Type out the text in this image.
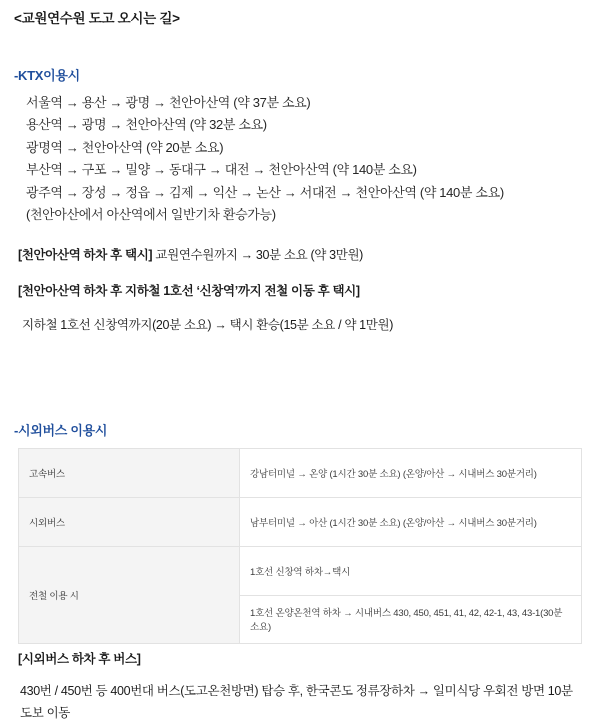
<교원연수원 도고 오시는 길>
-KTX이용시
서울역 → 용산 → 광명 → 천안아산역 (약 37분 소요)
용산역 → 광명 → 천안아산역 (약 32분 소요)
광명역 → 천안아산역 (약 20분 소요)
부산역 → 구포 → 밀양 → 동대구 → 대전 → 천안아산역 (약 140분 소요)
광주역 → 장성 → 정읍 → 김제 → 익산 → 논산 → 서대전 → 천안아산역 (약 140분 소요)
(천안아산에서 아산역에서 일반기차 환승가능)
[천안아산역 하차 후 택시] 교원연수원까지 → 30분 소요 (약 3만원)
[천안아산역 하차 후 지하철 1호선 ‘신창역’까지 전철 이동 후 택시]
지하철 1호선 신창역까지(20분 소요) → 택시 환승(15분 소요 / 약 1만원)
-시외버스 이용시
고속버스	강남터미널 → 온양 (1시간 30분 소요) (온양/아산 → 시내버스 30분거리)
시외버스	남부터미널 → 아산 (1시간 30분 소요) (온양/아산 → 시내버스 30분거리)
전철 이용 시	1호선 신창역 하차→택시
1호선 온양온천역 하차 → 시내버스 430, 450, 451, 41, 42, 42-1, 43, 43-1(30분소요)
[시외버스 하차 후 버스]
430번 / 450번 등 400번대 버스(도고온천방면) 탑승 후, 한국콘도 정류장하차 → 일미식당 우회전 방면 10분 도보 이동
